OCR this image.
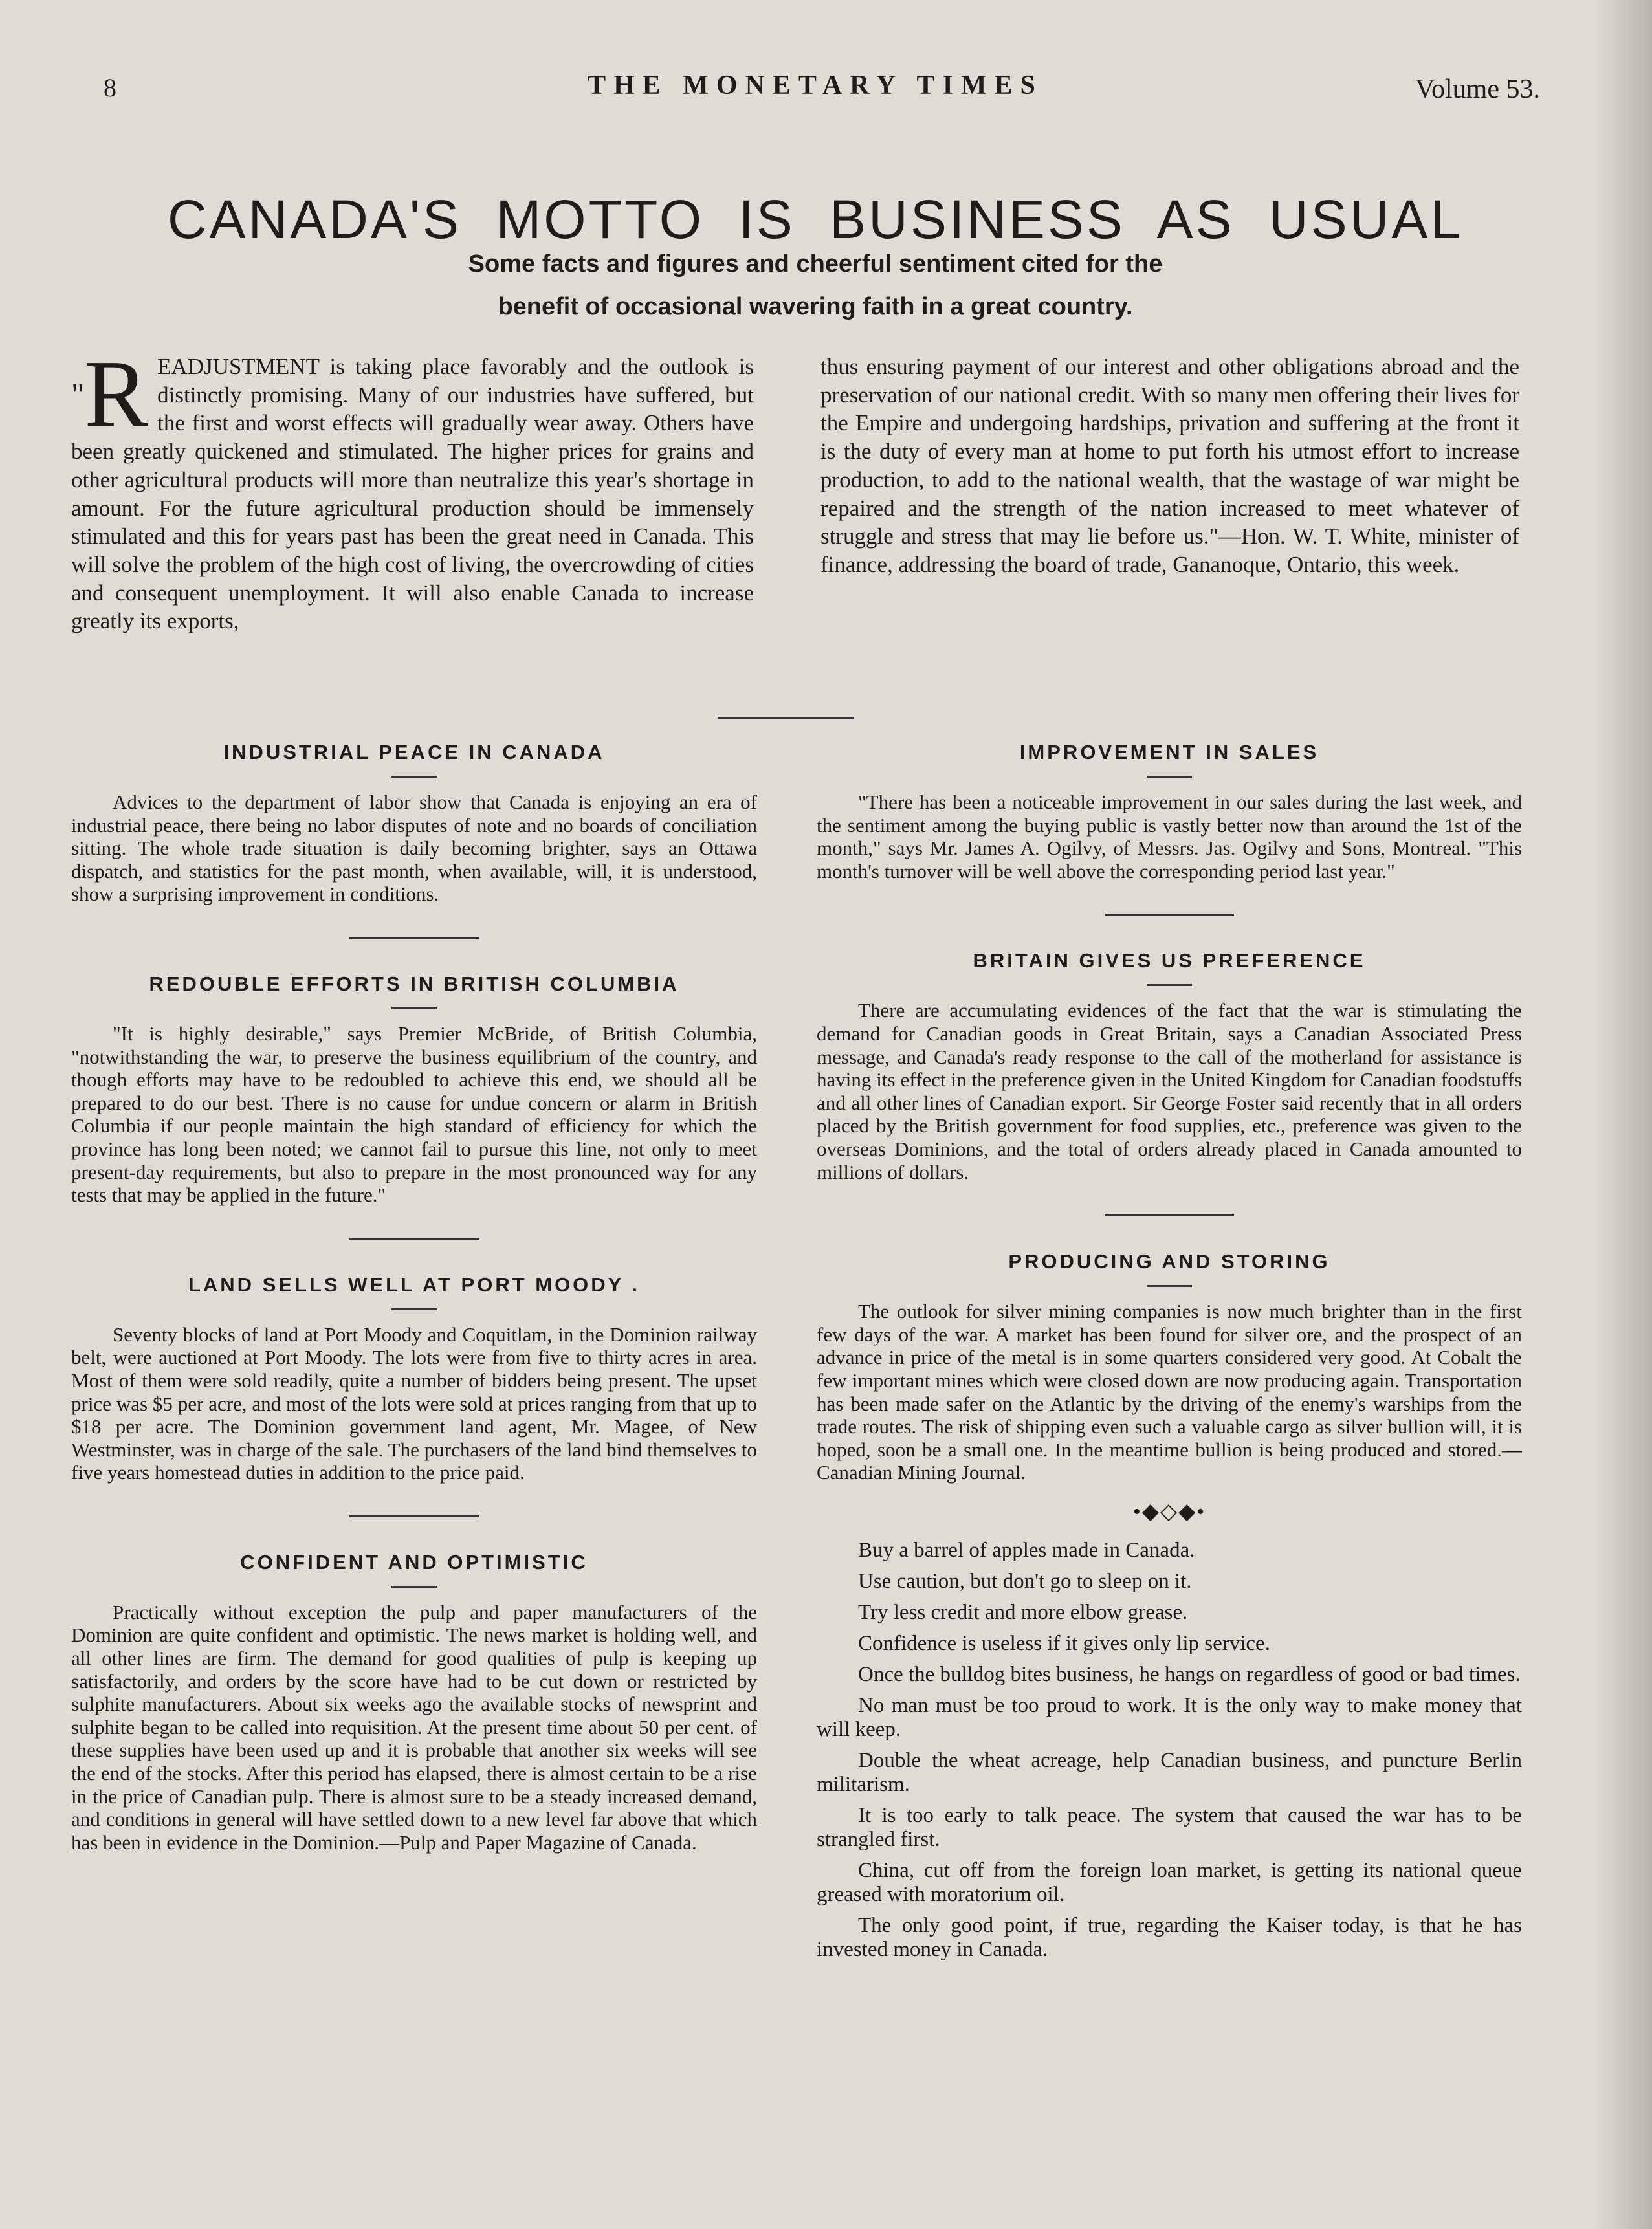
8	THE MONETARY TIMES	Volume 53.
CANADA'S MOTTO IS BUSINESS AS USUAL
Some facts and figures and cheerful sentiment cited for the
benefit of occasional wavering faith in a great country.
"R EADJUSTMENT is taking place favorably and the outlook is distinctly promising. Many of our industries have suffered, but the first and worst effects will gradually wear away. Others have been greatly quickened and stimulated. The higher prices for grains and other agricultural products will more than neutralize this year's shortage in amount. For the future agricultural production should be immensely stimulated and this for years past has been the great need in Canada. This will solve the problem of the high cost of living, the overcrowding of cities and consequent unemployment. It will also enable Canada to increase greatly its exports,
thus ensuring payment of our interest and other obligations abroad and the preservation of our national credit. With so many men offering their lives for the Empire and undergoing hardships, privation and suffering at the front it is the duty of every man at home to put forth his utmost effort to increase production, to add to the national wealth, that the wastage of war might be repaired and the strength of the nation increased to meet whatever of struggle and stress that may lie before us."—Hon. W. T. White, minister of finance, addressing the board of trade, Gananoque, Ontario, this week.
INDUSTRIAL PEACE IN CANADA

Advices to the department of labor show that Canada is enjoying an era of industrial peace, there being no labor disputes of note and no boards of conciliation sitting. The whole trade situation is daily becoming brighter, says an Ottawa dispatch, and statistics for the past month, when available, will, it is understood, show a surprising improvement in conditions.

REDOUBLE EFFORTS IN BRITISH COLUMBIA

"It is highly desirable," says Premier McBride, of British Columbia, "notwithstanding the war, to preserve the business equilibrium of the country, and though efforts may have to be redoubled to achieve this end, we should all be prepared to do our best. There is no cause for undue concern or alarm in British Columbia if our people maintain the high standard of efficiency for which the province has long been noted; we cannot fail to pursue this line, not only to meet present-day requirements, but also to prepare in the most pronounced way for any tests that may be applied in the future."

LAND SELLS WELL AT PORT MOODY .

Seventy blocks of land at Port Moody and Coquitlam, in the Dominion railway belt, were auctioned at Port Moody. The lots were from five to thirty acres in area. Most of them were sold readily, quite a number of bidders being present. The upset price was $5 per acre, and most of the lots were sold at prices ranging from that up to $18 per acre. The Dominion government land agent, Mr. Magee, of New Westminster, was in charge of the sale. The purchasers of the land bind themselves to five years homestead duties in addition to the price paid.

CONFIDENT AND OPTIMISTIC

Practically without exception the pulp and paper manufacturers of the Dominion are quite confident and optimistic. The news market is holding well, and all other lines are firm. The demand for good qualities of pulp is keeping up satisfactorily, and orders by the score have had to be cut down or restricted by sulphite manufacturers. About six weeks ago the available stocks of newsprint and sulphite began to be called into requisition. At the present time about 50 per cent. of these supplies have been used up and it is probable that another six weeks will see the end of the stocks. After this period has elapsed, there is almost certain to be a rise in the price of Canadian pulp. There is almost sure to be a steady increased demand, and conditions in general will have settled down to a new level far above that which has been in evidence in the Dominion.—Pulp and Paper Magazine of Canada.

IMPROVEMENT IN SALES

"There has been a noticeable improvement in our sales during the last week, and the sentiment among the buying public is vastly better now than around the 1st of the month," says Mr. James A. Ogilvy, of Messrs. Jas. Ogilvy and Sons, Montreal. "This month's turnover will be well above the corresponding period last year."

BRITAIN GIVES US PREFERENCE

There are accumulating evidences of the fact that the war is stimulating the demand for Canadian goods in Great Britain, says a Canadian Associated Press message, and Canada's ready response to the call of the motherland for assistance is having its effect in the preference given in the United Kingdom for Canadian foodstuffs and all other lines of Canadian export. Sir George Foster said recently that in all orders placed by the British government for food supplies, etc., preference was given to the overseas Dominions, and the total of orders already placed in Canada amounted to millions of dollars.

PRODUCING AND STORING

The outlook for silver mining companies is now much brighter than in the first few days of the war. A market has been found for silver ore, and the prospect of an advance in price of the metal is in some quarters considered very good. At Cobalt the few important mines which were closed down are now producing again. Transportation has been made safer on the Atlantic by the driving of the enemy's warships from the trade routes. The risk of shipping even such a valuable cargo as silver bullion will, it is hoped, soon be a small one. In the meantime bullion is being produced and stored.—Canadian Mining Journal.

•◆◇◆•

Buy a barrel of apples made in Canada.

Use caution, but don't go to sleep on it.

Try less credit and more elbow grease.

Confidence is useless if it gives only lip service.

Once the bulldog bites business, he hangs on regardless of good or bad times.

No man must be too proud to work. It is the only way to make money that will keep.

Double the wheat acreage, help Canadian business, and puncture Berlin militarism.

It is too early to talk peace. The system that caused the war has to be strangled first.

China, cut off from the foreign loan market, is getting its national queue greased with moratorium oil.

The only good point, if true, regarding the Kaiser today, is that he has invested money in Canada.
